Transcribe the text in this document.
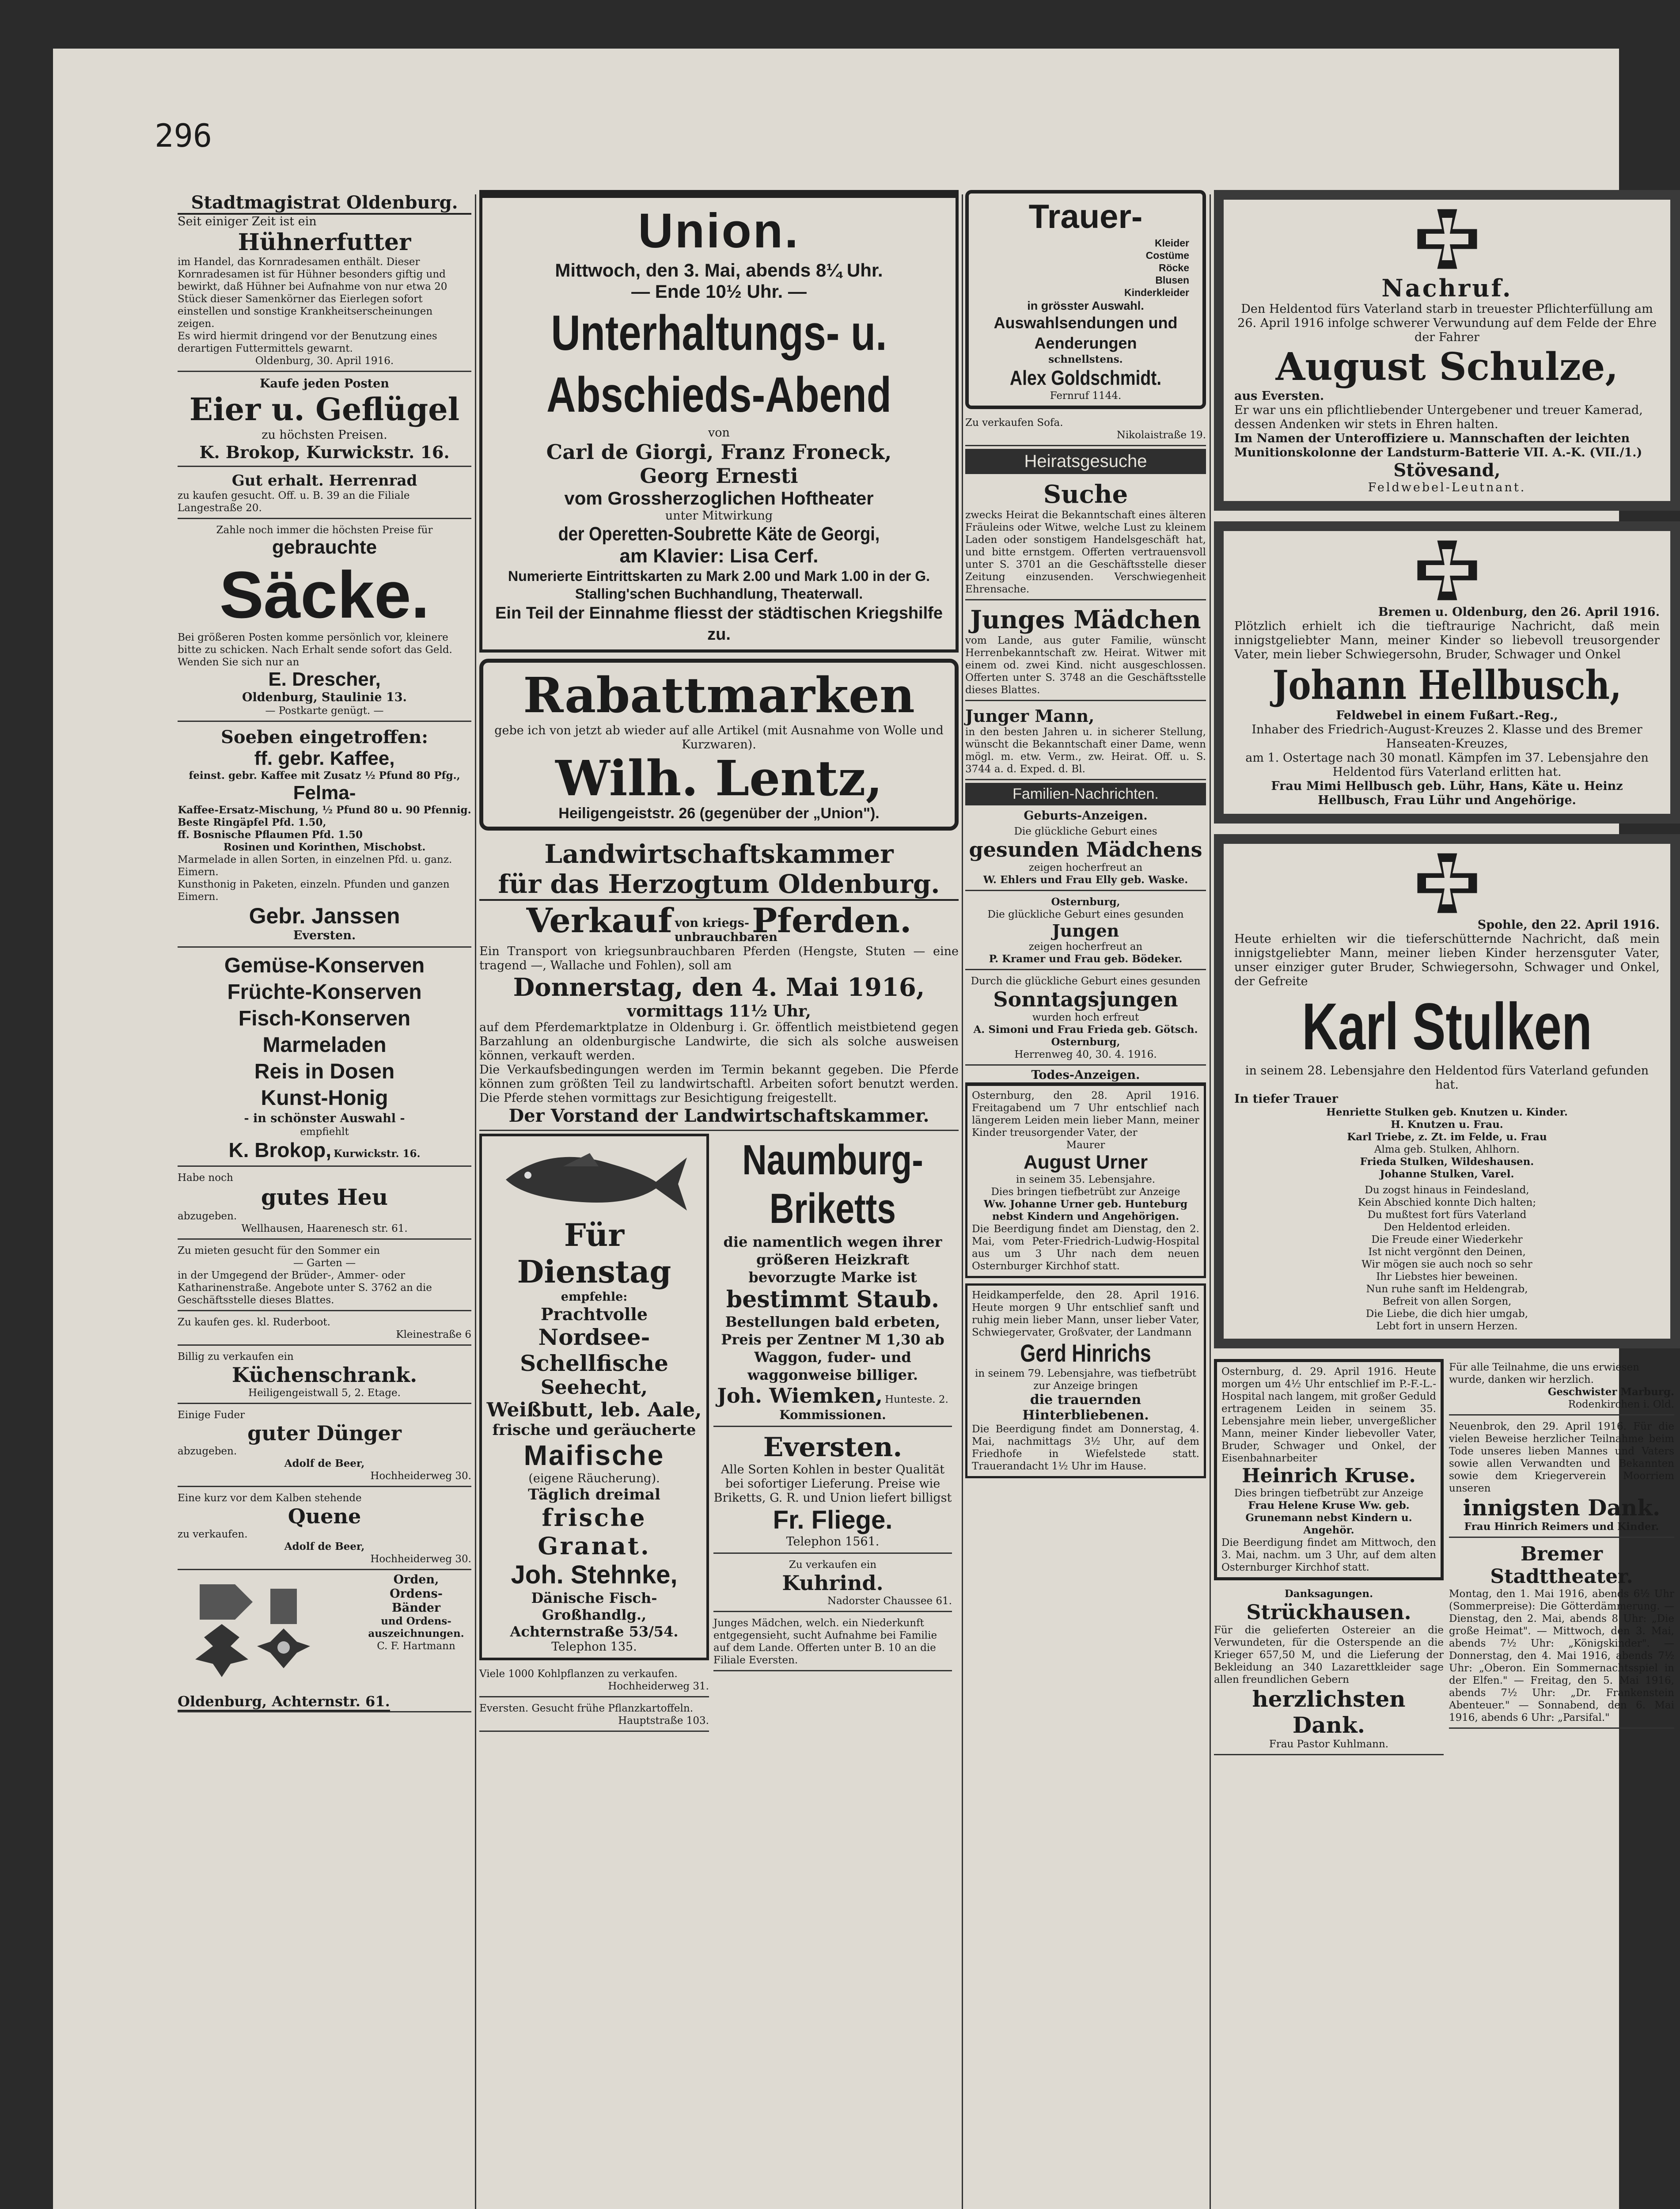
296

Stadtmagistrat Oldenburg.

Seit einiger Zeit ist ein

Hühnerfutter

im Handel, das Kornradesamen enthält. Dieser Kornradesamen ist für Hühner besonders giftig und bewirkt, daß Hühner bei Aufnahme von nur etwa 20 Stück dieser Samenkörner das Eierlegen sofort einstellen und sonstige Krankheitserscheinungen zeigen.

Es wird hiermit dringend vor der Benutzung eines derartigen Futtermittels gewarnt.

Oldenburg, 30. April 1916.

Kaufe jeden Posten

Eier u. Geflügel

zu höchsten Preisen.

K. Brokop, Kurwickstr. 16.

Gut erhalt. Herrenrad

zu kaufen gesucht. Off. u. B. 39 an die Filiale Langestraße 20.

Zahle noch immer die höchsten Preise für

gebrauchte

Säcke.

Bei größeren Posten komme persönlich vor, kleinere bitte zu schicken. Nach Erhalt sende sofort das Geld. Wenden Sie sich nur an

E. Drescher,

Oldenburg, Staulinie 13.

— Postkarte genügt. —

Soeben eingetroffen:

ff. gebr. Kaffee,

feinst. gebr. Kaffee mit Zusatz ½ Pfund 80 Pfg.,

Felma-

Kaffee-Ersatz-Mischung, ½ Pfund 80 u. 90 Pfennig.

Beste Ringäpfel Pfd. 1.50,

ff. Bosnische Pflaumen Pfd. 1.50

Rosinen und Korinthen, Mischobst.

Marmelade in allen Sorten, in einzelnen Pfd. u. ganz. Eimern.

Kunsthonig in Paketen, einzeln. Pfunden und ganzen Eimern.

Gebr. Janssen

Eversten.

Gemüse-Konserven

Früchte-Konserven

Fisch-Konserven

Marmeladen

Reis in Dosen

Kunst-Honig

- in schönster Auswahl -

empfiehlt

K. Brokop, Kurwickstr. 16.

Habe noch

gutes Heu

abzugeben.

Wellhausen, Haarenesch str. 61.

Zu mieten gesucht für den Sommer ein

— Garten —

in der Umgegend der Brüder-, Ammer- oder Katharinenstraße. Angebote unter S. 3762 an die Geschäftsstelle dieses Blattes.

Zu kaufen ges. kl. Ruderboot.

Kleinestraße 6

Billig zu verkaufen ein

Küchenschrank.

Heiligengeistwall 5, 2. Etage.

Einige Fuder

guter Dünger

abzugeben.

Adolf de Beer,

Hochheiderweg 30.

Eine kurz vor dem Kalben stehende

Quene

zu verkaufen.

Adolf de Beer,

Hochheiderweg 30.

Orden,

Ordens-

Bänder

und Ordens-

auszeichnungen.

C. F. Hartmann

Oldenburg, Achternstr. 61.

Union.

Mittwoch, den 3. Mai, abends 8¼ Uhr.

— Ende 10½ Uhr. —

Unterhaltungs- u.

Abschieds-Abend

von

Carl de Giorgi, Franz Froneck,

Georg Ernesti

vom Grossherzoglichen Hoftheater

unter Mitwirkung

der Operetten-Soubrette Käte de Georgi,

am Klavier: Lisa Cerf.

Numerierte Eintrittskarten zu Mark 2.00 und Mark 1.00 in der G. Stalling'schen Buchhandlung, Theaterwall.

Ein Teil der Einnahme fliesst der städtischen Kriegshilfe zu.

Rabattmarken

gebe ich von jetzt ab wieder auf alle Artikel (mit Ausnahme von Wolle und Kurzwaren).

Wilh. Lentz,

Heiligengeiststr. 26 (gegenüber der „Union").

Landwirtschaftskammer

für das Herzogtum Oldenburg.

Verkauf von kriegs- unbrauchbaren Pferden.

Ein Transport von kriegsunbrauchbaren Pferden (Hengste, Stuten — eine tragend —, Wallache und Fohlen), soll am

Donnerstag, den 4. Mai 1916,

vormittags 11½ Uhr,

auf dem Pferdemarktplatze in Oldenburg i. Gr. öffentlich meistbietend gegen Barzahlung an oldenburgische Landwirte, die sich als solche ausweisen können, verkauft werden.

Die Verkaufsbedingungen werden im Termin bekannt gegeben. Die Pferde können zum größten Teil zu landwirtschaftl. Arbeiten sofort benutzt werden. Die Pferde stehen vormittags zur Besichtigung freigestellt.

Der Vorstand der Landwirtschaftskammer.

Für Dienstag

empfehle:

Prachtvolle

Nordsee-Schellfische

Seehecht, Weißbutt, leb. Aale,

frische und geräucherte

Maifische

(eigene Räucherung).

Täglich dreimal

frische Granat.

Joh. Stehnke,

Dänische Fisch-Großhandlg.,

Achternstraße 53/54.

Telephon 135.

Viele 1000 Kohlpflanzen zu verkaufen.

Hochheiderweg 31.

Eversten. Gesucht frühe Pflanzkartoffeln.

Hauptstraße 103.

Naumburg-

Briketts

die namentlich wegen ihrer größeren Heizkraft bevorzugte Marke ist

bestimmt Staub.

Bestellungen bald erbeten, Preis per Zentner M 1,30 ab Waggon, fuder- und waggonweise billiger.

Joh. Wiemken, Hunteste. 2.

Kommissionen.

Eversten.

Alle Sorten Kohlen in bester Qualität bei sofortiger Lieferung. Preise wie Briketts, G. R. und Union liefert billigst

Fr. Fliege.

Telephon 1561.

Zu verkaufen ein

Kuhrind.

Nadorster Chaussee 61.

Junges Mädchen, welch. ein Niederkunft entgegensieht, sucht Aufnahme bei Familie auf dem Lande. Offerten unter B. 10 an die Filiale Eversten.

Trauer-

Kleider

Costüme

Röcke

Blusen

Kinderkleider

in grösster Auswahl.

Auswahlsendungen und Aenderungen

schnellstens.

Alex Goldschmidt.

Fernruf 1144.

Zu verkaufen Sofa.

Nikolaistraße 19.

Heiratsgesuche

Suche

zwecks Heirat die Bekanntschaft eines älteren Fräuleins oder Witwe, welche Lust zu kleinem Laden oder sonstigem Handelsgeschäft hat, und bitte ernstgem. Offerten vertrauensvoll unter S. 3701 an die Geschäftsstelle dieser Zeitung einzusenden. Verschwiegenheit Ehrensache.

Junges Mädchen

vom Lande, aus guter Familie, wünscht Herrenbekanntschaft zw. Heirat. Witwer mit einem od. zwei Kind. nicht ausgeschlossen. Offerten unter S. 3748 an die Geschäftsstelle dieses Blattes.

Junger Mann,

in den besten Jahren u. in sicherer Stellung, wünscht die Bekanntschaft einer Dame, wenn mögl. m. etw. Verm., zw. Heirat. Off. u. S. 3744 a. d. Exped. d. Bl.

Familien-Nachrichten.

Geburts-Anzeigen.

Die glückliche Geburt eines

gesunden Mädchens

zeigen hocherfreut an

W. Ehlers und Frau Elly geb. Waske.

Osternburg,

Die glückliche Geburt eines gesunden

Jungen

zeigen hocherfreut an

P. Kramer und Frau geb. Bödeker.

Durch die glückliche Geburt eines gesunden

Sonntagsjungen

wurden hoch erfreut

A. Simoni und Frau Frieda geb. Götsch.

Osternburg,

Herrenweg 40, 30. 4. 1916.

Todes-Anzeigen.

Osternburg, den 28. April 1916. Freitagabend um 7 Uhr entschlief nach längerem Leiden mein lieber Mann, meiner Kinder treusorgender Vater, der

Maurer

August Urner

in seinem 35. Lebensjahre.

Dies bringen tiefbetrübt zur Anzeige

Ww. Johanne Urner geb. Hunteburg nebst Kindern und Angehörigen.

Die Beerdigung findet am Dienstag, den 2. Mai, vom Peter-Friedrich-Ludwig-Hospital aus um 3 Uhr nach dem neuen Osternburger Kirchhof statt.

Heidkamperfelde, den 28. April 1916. Heute morgen 9 Uhr entschlief sanft und ruhig mein lieber Mann, unser lieber Vater, Schwiegervater, Großvater, der Landmann

Gerd Hinrichs

in seinem 79. Lebensjahre, was tiefbetrübt zur Anzeige bringen

die trauernden Hinterbliebenen.

Die Beerdigung findet am Donnerstag, 4. Mai, nachmittags 3½ Uhr, auf dem Friedhofe in Wiefelstede statt. Trauerandacht 1½ Uhr im Hause.

Nachruf.

Den Heldentod fürs Vaterland starb in treuester Pflichterfüllung am 26. April 1916 infolge schwerer Verwundung auf dem Felde der Ehre der Fahrer

August Schulze,

aus Eversten.

Er war uns ein pflichtliebender Untergebener und treuer Kamerad, dessen Andenken wir stets in Ehren halten.

Im Namen der Unteroffiziere u. Mannschaften der leichten Munitionskolonne der Landsturm-Batterie VII. A.-K. (VII./1.)

Stövesand,

Feldwebel-Leutnant.

Bremen u. Oldenburg, den 26. April 1916.

Plötzlich erhielt ich die tieftraurige Nachricht, daß mein innigstgeliebter Mann, meiner Kinder so liebevoll treusorgender Vater, mein lieber Schwiegersohn, Bruder, Schwager und Onkel

Johann Hellbusch,

Feldwebel in einem Fußart.-Reg.,

Inhaber des Friedrich-August-Kreuzes 2. Klasse und des Bremer Hanseaten-Kreuzes,

am 1. Ostertage nach 30 monatl. Kämpfen im 37. Lebensjahre den Heldentod fürs Vaterland erlitten hat.

Frau Mimi Hellbusch geb. Lühr, Hans, Käte u. Heinz Hellbusch, Frau Lühr und Angehörige.

Spohle, den 22. April 1916.

Heute erhielten wir die tieferschütternde Nachricht, daß mein innigstgeliebter Mann, meiner lieben Kinder herzensguter Vater, unser einziger guter Bruder, Schwiegersohn, Schwager und Onkel, der Gefreite

Karl Stulken

in seinem 28. Lebensjahre den Heldentod fürs Vaterland gefunden hat.

In tiefer Trauer

Henriette Stulken geb. Knutzen u. Kinder.

H. Knutzen u. Frau.

Karl Triebe, z. Zt. im Felde, u. Frau

Alma geb. Stulken, Ahlhorn.

Frieda Stulken, Wildeshausen.

Johanne Stulken, Varel.

Du zogst hinaus in Feindesland,

Kein Abschied konnte Dich halten;

Du mußtest fort fürs Vaterland

Den Heldentod erleiden.

Die Freude einer Wiederkehr

Ist nicht vergönnt den Deinen,

Wir mögen sie auch noch so sehr

Ihr Liebstes hier beweinen.

Nun ruhe sanft im Heldengrab,

Befreit von allen Sorgen,

Die Liebe, die dich hier umgab,

Lebt fort in unsern Herzen.

Osternburg, d. 29. April 1916. Heute morgen um 4½ Uhr entschlief im P.-F.-L.-Hospital nach langem, mit großer Geduld ertragenem Leiden in seinem 35. Lebensjahre mein lieber, unvergeßlicher Mann, meiner Kinder liebevoller Vater, Bruder, Schwager und Onkel, der Eisenbahnarbeiter

Heinrich Kruse.

Dies bringen tiefbetrübt zur Anzeige

Frau Helene Kruse Ww. geb. Grunemann nebst Kindern u. Angehör.

Die Beerdigung findet am Mittwoch, den 3. Mai, nachm. um 3 Uhr, auf dem alten Osternburger Kirchhof statt.

Danksagungen.

Strückhausen.

Für die gelieferten Ostereier an die Verwundeten, für die Osterspende an die Krieger 657,50 M, und die Lieferung der Bekleidung an 340 Lazarettkleider sage allen freundlichen Gebern

herzlichsten Dank.

Frau Pastor Kuhlmann.

Für alle Teilnahme, die uns erwiesen wurde, danken wir herzlich.

Geschwister Marburg.

Rodenkirchen i. Old.

Neuenbrok, den 29. April 1916. Für die vielen Beweise herzlicher Teilnahme beim Tode unseres lieben Mannes und Vaters sowie allen Verwandten und Bekannten sowie dem Kriegerverein Moorriem unseren

innigsten Dank.

Frau Hinrich Reimers und Kinder.

Bremer Stadttheater.

Montag, den 1. Mai 1916, abends 6½ Uhr (Sommerpreise): Die Götterdämmerung. — Dienstag, den 2. Mai, abends 8 Uhr: „Die große Heimat". — Mittwoch, den 3. Mai, abends 7½ Uhr: „Königskinder". — Donnerstag, den 4. Mai 1916, abends 7½ Uhr: „Oberon. Ein Sommernachtsspiel in der Elfen." — Freitag, den 5. Mai 1916, abends 7½ Uhr: „Dr. Frankenstein Abenteuer." — Sonnabend, den 6. Mai 1916, abends 6 Uhr: „Parsifal."
